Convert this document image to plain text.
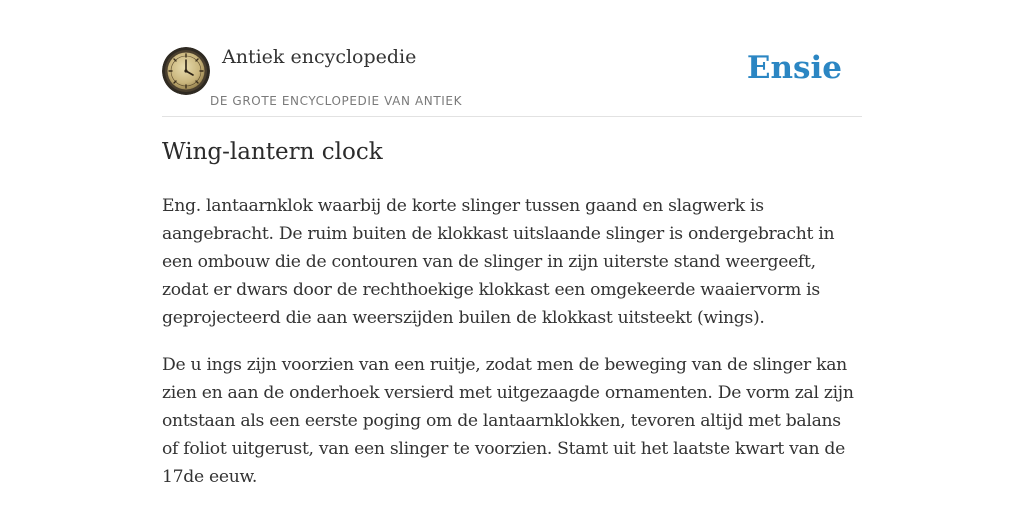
Antiek encyclopedie
DE GROTE ENCYCLOPEDIE VAN ANTIEK
Ensie
Wing-lantern clock

Eng. lantaarnklok waarbij de korte slinger tussen gaand en slagwerk is aangebracht. De ruim buiten de klokkast uitslaande slinger is ondergebracht in een ombouw die de contouren van de slinger in zijn uiterste stand weergeeft, zodat er dwars door de rechthoekige klokkast een omgekeerde waaiervorm is geprojecteerd die aan weerszijden builen de klokkast uitsteekt (wings).

De u ings zijn voorzien van een ruitje, zodat men de beweging van de slinger kan zien en aan de onderhoek versierd met uitgezaagde ornamenten. De vorm zal zijn ontstaan als een eerste poging om de lantaarnklokken, tevoren altijd met balans of foliot uitgerust, van een slinger te voorzien. Stamt uit het laatste kwart van de 17de eeuw.
